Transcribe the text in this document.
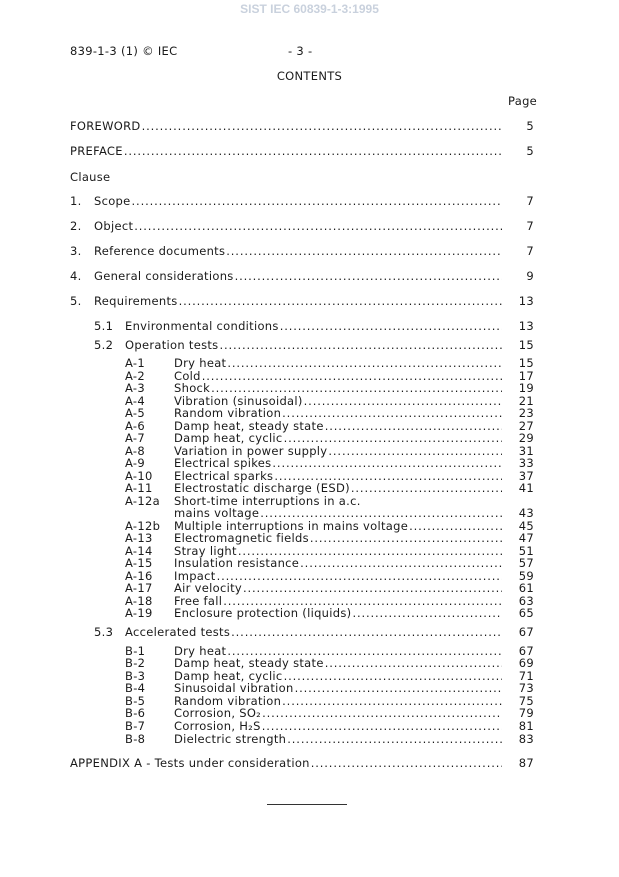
SIST IEC 60839-1-3:1995
839-1-3 (1) © IEC	- 3 -
CONTENTS
Page
Clause
FOREWORD . . .	5
PREFACE . . .	5
1. Scope . . .	7
2. Object . . .	7
3. Reference documents . . .	7
4. General considerations . . .	9
5. Requirements . . .	13
5.1 Environmental conditions . . .	13
5.2 Operation tests . . .	15
A-1	Dry heat . . .	15
A-2	Cold . . .	17
A-3	Shock . . .	19
A-4	Vibration (sinusoidal) . . .	21
A-5	Random vibration . . .	23
A-6	Damp heat, steady state . . .	27
A-7	Damp heat, cyclic . . .	29
A-8	Variation in power supply . . .	31
A-9	Electrical spikes . . .	33
A-10 Electrical sparks . . .	37
A-11 Electrostatic discharge (ESD) . . .	41
A-12a Short-time interruptions in a.c.
mains voltage . . .	43
A-12b Multiple interruptions in mains voltage . . .	45
A-13 Electromagnetic fields . . .	47
A-14 Stray light . . .	51
A-15 Insulation resistance . . .	57
A-16 Impact . . .	59
A-17 Air velocity . . .	61
A-18 Free fall . . .	63
A-19 Enclosure protection (liquids) . . .	65
5.3 Accelerated tests . . .	67
B-1 Dry heat . . .	67
B-2 Damp heat, steady state . . .	69
B-3 Damp heat, cyclic . . .	71
B-4 Sinusoidal vibration . . .	73
B-5 Random vibration . . .	75
B-6 Corrosion, SO₂ . . .	79
B-7 Corrosion, H₂S . . .	81
B-8 Dielectric strength . . .	83
APPENDIX A - Tests under consideration . . .	87
